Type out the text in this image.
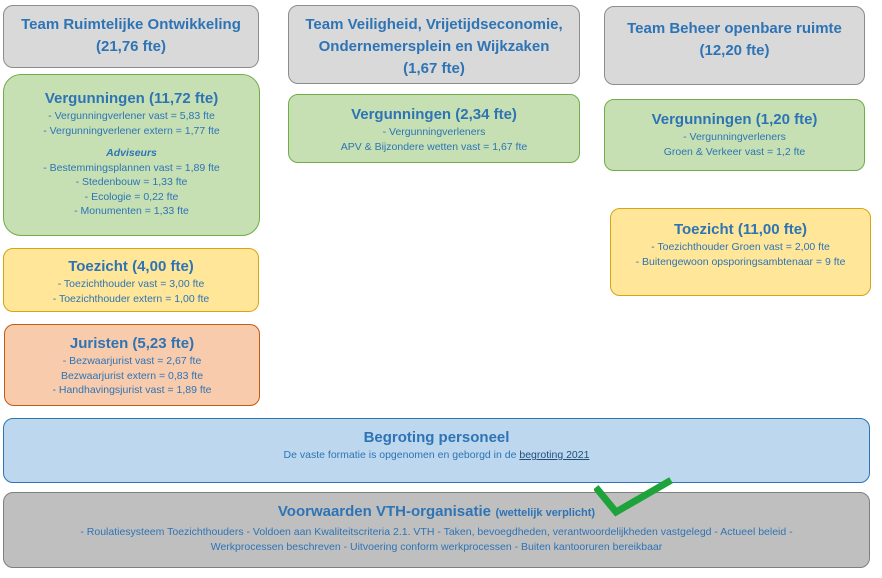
Team Ruimtelijke Ontwikkeling
(21,76 fte)
Team Veiligheid, Vrijetijdseconomie,
Ondernemersplein en Wijkzaken
(1,67 fte)
Team Beheer openbare ruimte
(12,20 fte)
Vergunningen (11,72 fte)
- Vergunningverlener vast = 5,83 fte
- Vergunningverlener extern = 1,77 fte
Adviseurs
- Bestemmingsplannen vast = 1,89 fte
- Stedenbouw = 1,33 fte
- Ecologie = 0,22 fte
- Monumenten = 1,33 fte
Toezicht (4,00 fte)
- Toezichthouder vast = 3,00 fte
- Toezichthouder extern = 1,00 fte
Juristen (5,23 fte)
- Bezwaarjurist vast = 2,67 fte
Bezwaarjurist extern = 0,83 fte
- Handhavingsjurist vast = 1,89 fte
Vergunningen (2,34 fte)
- Vergunningverleners
APV & Bijzondere wetten vast = 1,67 fte
Vergunningen (1,20 fte)
- Vergunningverleners
Groen & Verkeer vast = 1,2 fte
Toezicht (11,00 fte)
- Toezichthouder Groen vast = 2,00 fte
- Buitengewoon opsporingsambtenaar = 9 fte
Begroting personeel
De vaste formatie is opgenomen en geborgd in de begroting 2021
Voorwaarden VTH-organisatie (wettelijk verplicht)
- Roulatiesysteem Toezichthouders - Voldoen aan Kwaliteitscriteria 2.1. VTH - Taken, bevoegdheden, verantwoordelijkheden vastgelegd - Actueel beleid -
Werkprocessen beschreven - Uitvoering conform werkprocessen - Buiten kantooruren bereikbaar
